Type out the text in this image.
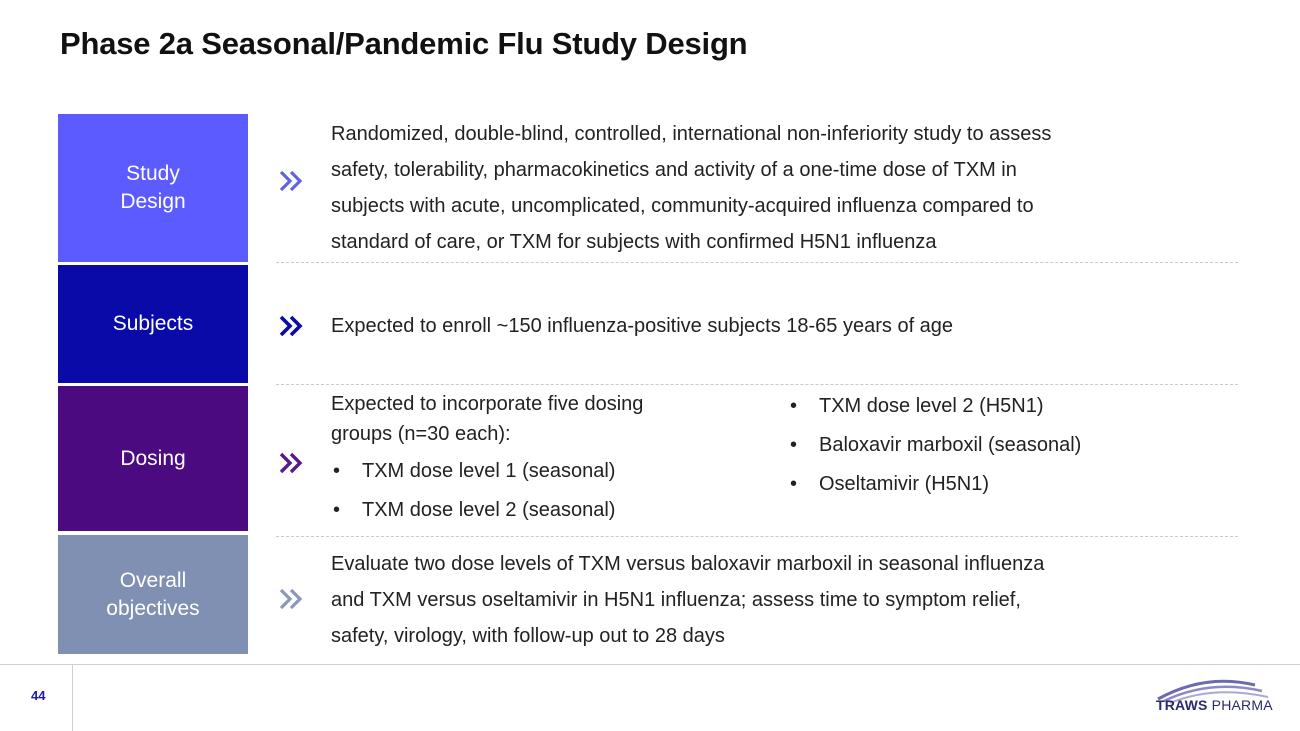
Phase 2a Seasonal/Pandemic Flu Study Design
Study
Design
Randomized, double-blind, controlled, international non-inferiority study to assess
safety, tolerability, pharmacokinetics and activity of a one-time dose of TXM in
subjects with acute, uncomplicated, community-acquired influenza compared to
standard of care, or TXM for subjects with confirmed H5N1 influenza
Subjects	Expected to enroll ~150 influenza-positive subjects 18-65 years of age
Dosing
Expected to incorporate five dosing
groups (n=30 each):
• TXM dose level 1 (seasonal)
• TXM dose level 2 (seasonal)
• TXM dose level 2 (H5N1)
• Baloxavir marboxil (seasonal)
• Oseltamivir (H5N1)
Overall
objectives
Evaluate two dose levels of TXM versus baloxavir marboxil in seasonal influenza
and TXM versus oseltamivir in H5N1 influenza; assess time to symptom relief,
safety, virology, with follow-up out to 28 days
44
TRAWS PHARMA
